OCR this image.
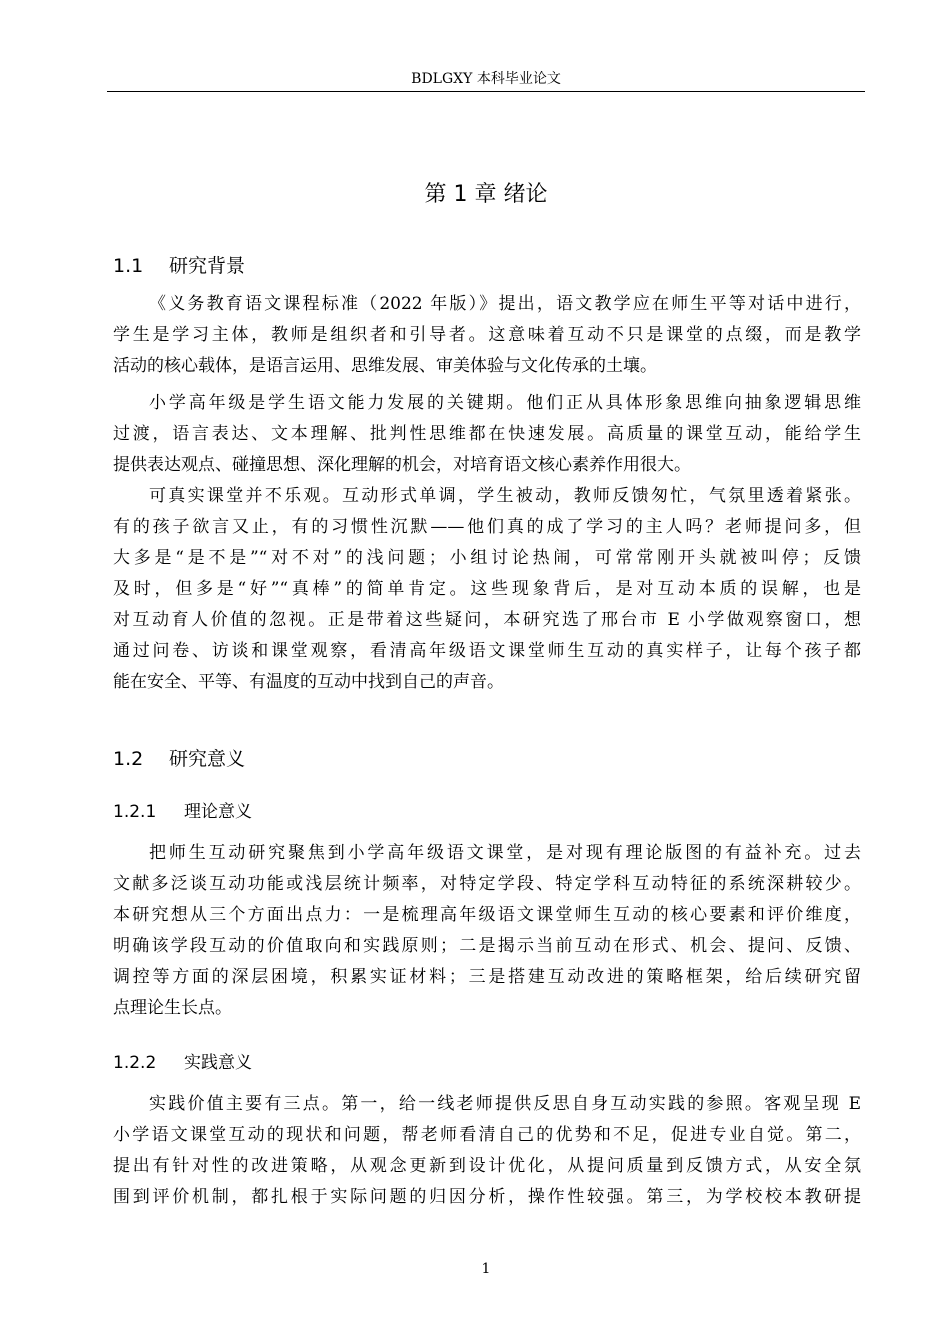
BDLGXY 本科毕业论文
第 1 章 绪论
1.1 研究背景
《义务教育语文课程标准（2022 年版）》提出，语文教学应在师生平等对话中进行，
学生是学习主体，教师是组织者和引导者。这意味着互动不只是课堂的点缀，而是教学
活动的核心载体，是语言运用、思维发展、审美体验与文化传承的土壤。
小学高年级是学生语文能力发展的关键期。他们正从具体形象思维向抽象逻辑思维
过渡，语言表达、文本理解、批判性思维都在快速发展。高质量的课堂互动，能给学生
提供表达观点、碰撞思想、深化理解的机会，对培育语文核心素养作用很大。
可真实课堂并不乐观。互动形式单调，学生被动，教师反馈匆忙，气氛里透着紧张。
有的孩子欲言又止，有的习惯性沉默——他们真的成了学习的主人吗？老师提问多，但
大多是“是不是”“对不对”的浅问题；小组讨论热闹，可常常刚开头就被叫停；反馈
及时，但多是“好”“真棒”的简单肯定。这些现象背后，是对互动本质的误解，也是
对互动育人价值的忽视。正是带着这些疑问，本研究选了邢台市 E 小学做观察窗口，想
通过问卷、访谈和课堂观察，看清高年级语文课堂师生互动的真实样子，让每个孩子都
能在安全、平等、有温度的互动中找到自己的声音。
1.2 研究意义
1.2.1 理论意义
把师生互动研究聚焦到小学高年级语文课堂，是对现有理论版图的有益补充。过去
文献多泛谈互动功能或浅层统计频率，对特定学段、特定学科互动特征的系统深耕较少。
本研究想从三个方面出点力：一是梳理高年级语文课堂师生互动的核心要素和评价维度，
明确该学段互动的价值取向和实践原则；二是揭示当前互动在形式、机会、提问、反馈、
调控等方面的深层困境，积累实证材料；三是搭建互动改进的策略框架，给后续研究留
点理论生长点。
1.2.2 实践意义
实践价值主要有三点。第一，给一线老师提供反思自身互动实践的参照。客观呈现 E
小学语文课堂互动的现状和问题，帮老师看清自己的优势和不足，促进专业自觉。第二，
提出有针对性的改进策略，从观念更新到设计优化，从提问质量到反馈方式，从安全氛
围到评价机制，都扎根于实际问题的归因分析，操作性较强。第三，为学校校本教研提
1
